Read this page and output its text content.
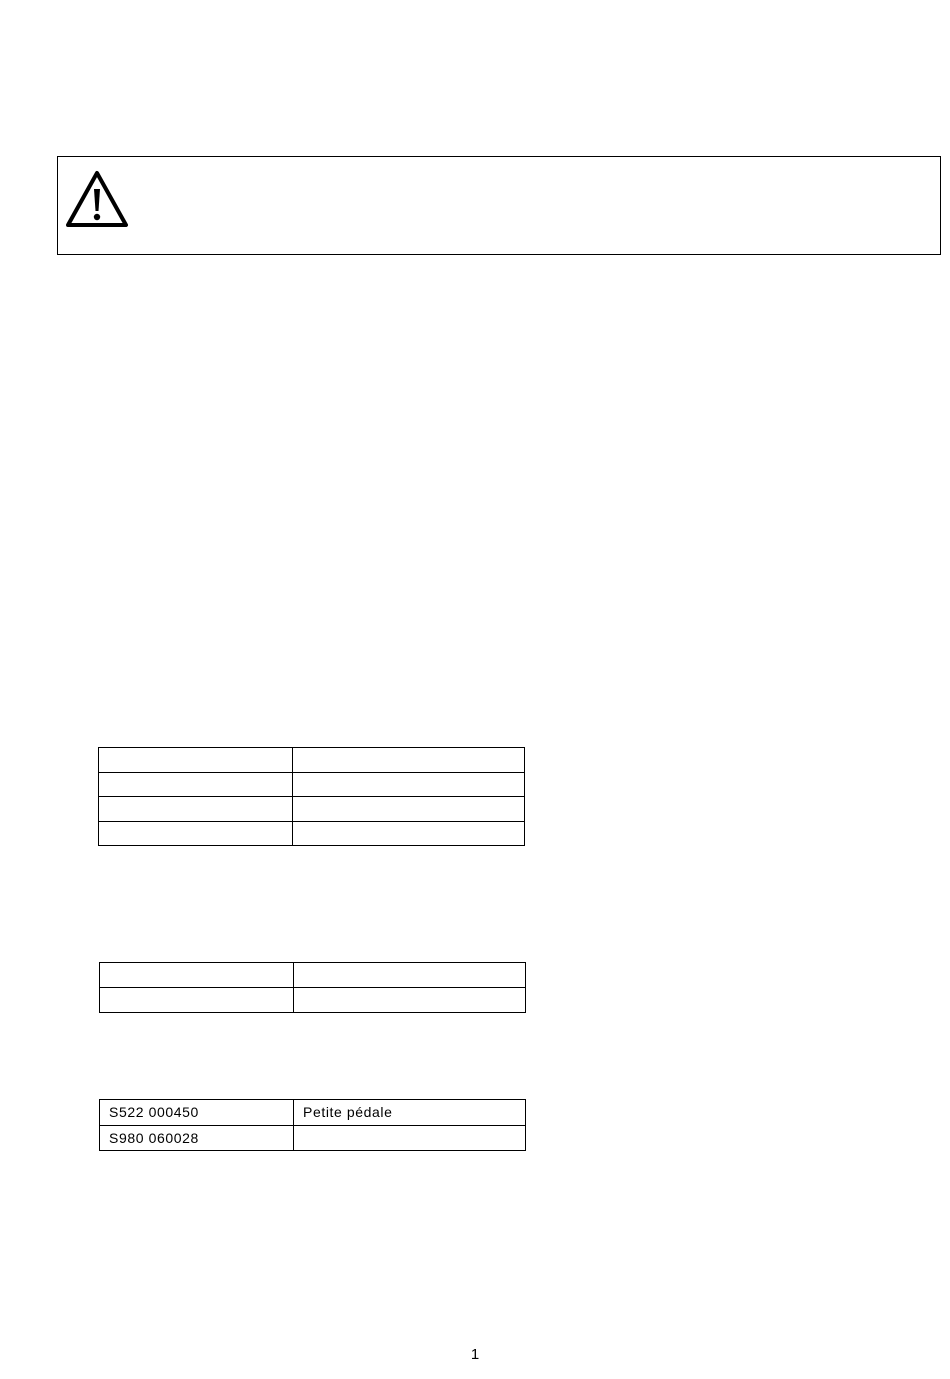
S522 000450	Petite pédale
S980 060028	
1
